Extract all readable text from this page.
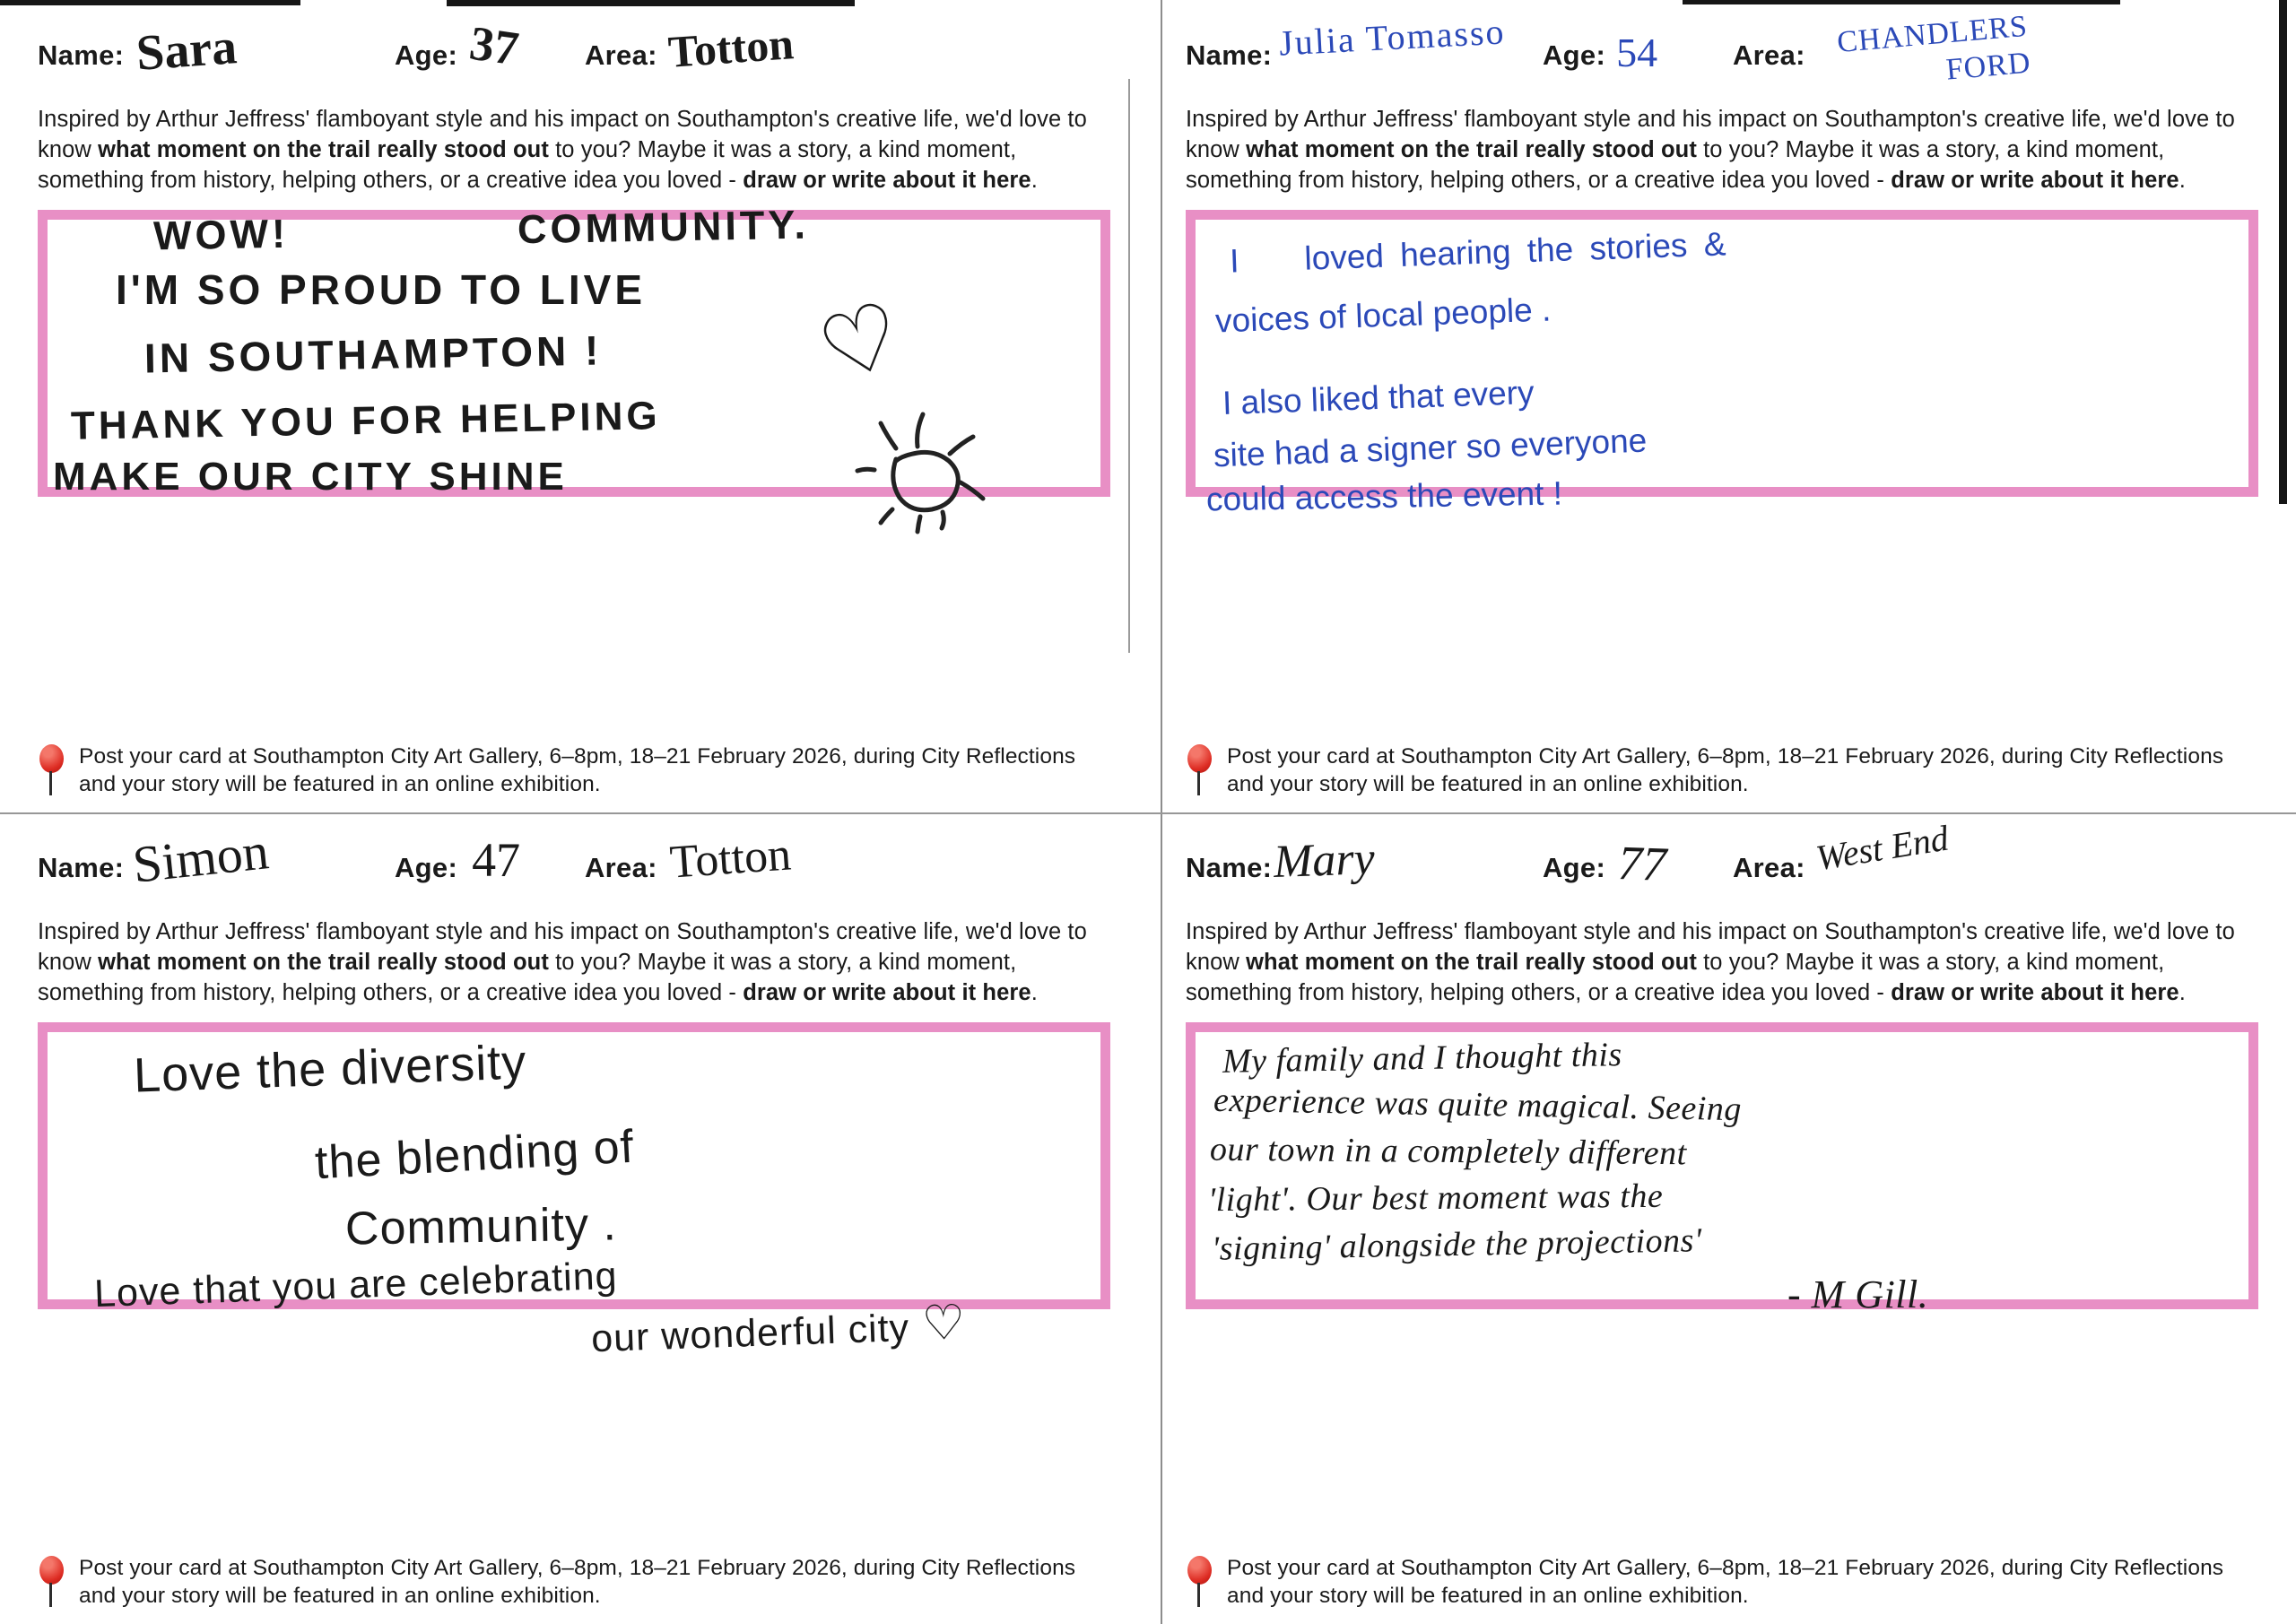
Name: Sara	Age: 37 Area: Totton

Inspired by Arthur Jeffress' flamboyant style and his impact on Southampton's creative life, we'd love to know what moment on the trail really stood out to you? Maybe it was a story, a kind moment, something from history, helping others, or a creative idea you loved - draw or write about it here.

WOW!      COMMUNITY.
I'M SO PROUD TO LIVE
IN SOUTHAMPTON !
THANK YOU FOR HELPING
MAKE OUR CITY SHINE
♡
Post your card at Southampton City Art Gallery, 6–8pm, 18–21 February 2026, during City Reflections and your story will be featured in an online exhibition.
Name: Julia Tomasso Age: 54	Area: CHANDLERS FORD

Inspired by Arthur Jeffress' flamboyant style and his impact on Southampton's creative life, we'd love to know what moment on the trail really stood out to you? Maybe it was a story, a kind moment, something from history, helping others, or a creative idea you loved - draw or write about it here.

I    loved hearing the stories &
voices of local people .
I also liked that every
site had a signer so everyone
could access the event !
Post your card at Southampton City Art Gallery, 6–8pm, 18–21 February 2026, during City Reflections and your story will be featured in an online exhibition.
Name: Simon	Age: 47 Area: Totton

Inspired by Arthur Jeffress' flamboyant style and his impact on Southampton's creative life, we'd love to know what moment on the trail really stood out to you? Maybe it was a story, a kind moment, something from history, helping others, or a creative idea you loved - draw or write about it here.

Love the diversity
the blending of
Community .
Love that you are celebrating
our wonderful city ♡
Post your card at Southampton City Art Gallery, 6–8pm, 18–21 February 2026, during City Reflections and your story will be featured in an online exhibition.
Name: Mary	Age: 77 Area: West End

Inspired by Arthur Jeffress' flamboyant style and his impact on Southampton's creative life, we'd love to know what moment on the trail really stood out to you? Maybe it was a story, a kind moment, something from history, helping others, or a creative idea you loved - draw or write about it here.

My family and I thought this
experience was quite magical. Seeing
our town in a completely different
'light'. Our best moment was the
'signing' alongside the projections'
- M Gill.
Post your card at Southampton City Art Gallery, 6–8pm, 18–21 February 2026, during City Reflections and your story will be featured in an online exhibition.
